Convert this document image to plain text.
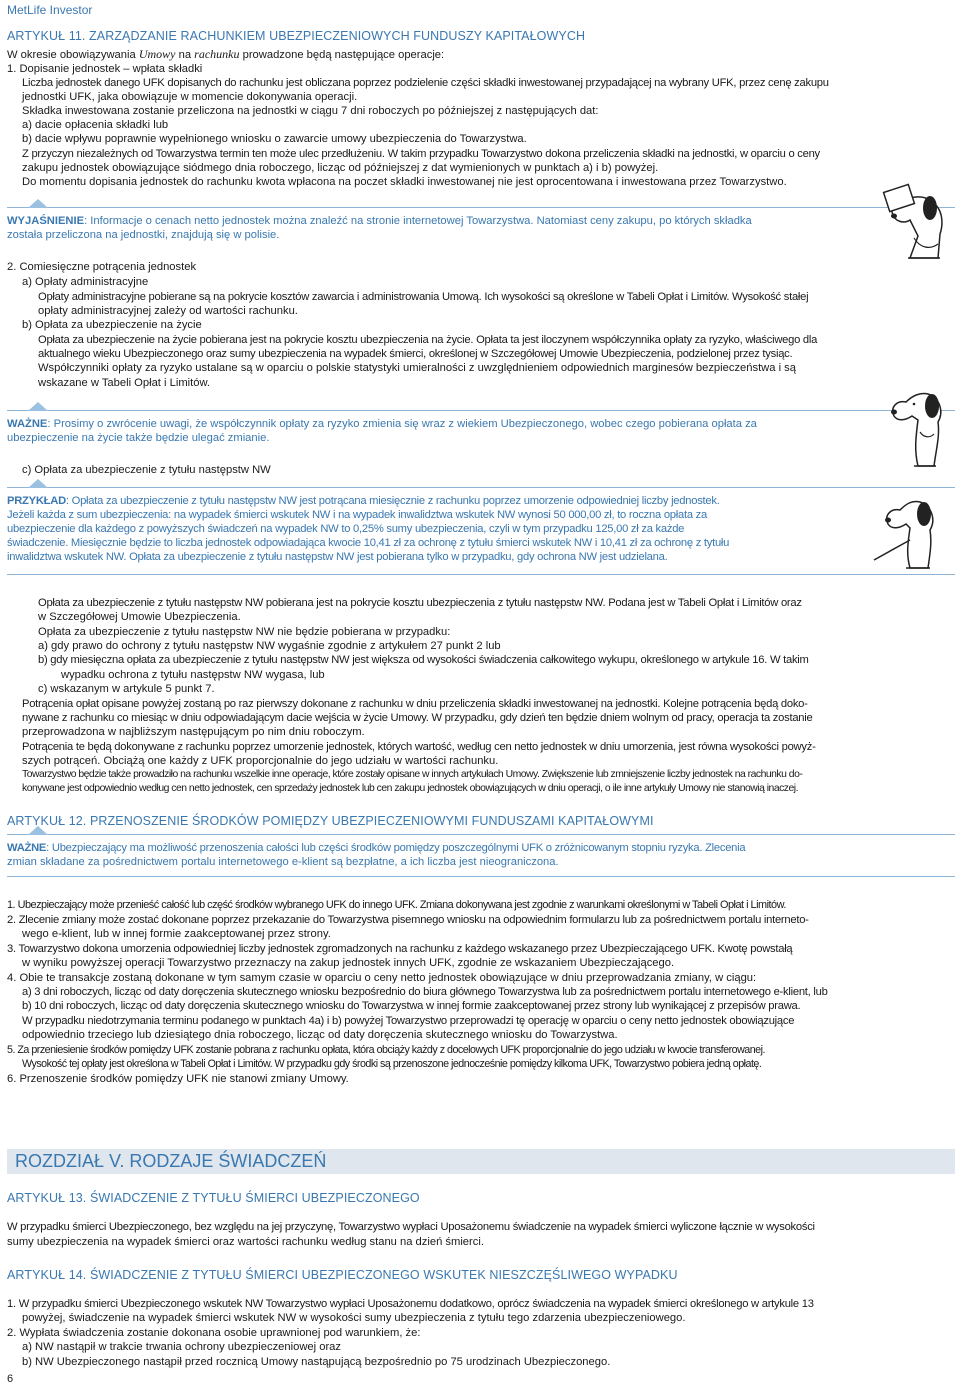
MetLife Investor
ARTYKUŁ 11. ZARZĄDZANIE RACHUNKIEM UBEZPIECZENIOWYCH FUNDUSZY KAPITAŁOWYCH
W okresie obowiązywania Umowy na rachunku prowadzone będą następujące operacje:
1. Dopisanie jednostek – wpłata składki
Liczba jednostek danego UFK dopisanych do rachunku jest obliczana poprzez podzielenie części składki inwestowanej przypadającej na wybrany UFK, przez cenę zakupu
jednostki UFK, jaka obowiązuje w momencie dokonywania operacji.
Składka inwestowana zostanie przeliczona na jednostki w ciągu 7 dni roboczych po późniejszej z następujących dat:
a) dacie opłacenia składki lub
b) dacie wpływu poprawnie wypełnionego wniosku o zawarcie umowy ubezpieczenia do Towarzystwa.
Z przyczyn niezależnych od Towarzystwa termin ten może ulec przedłużeniu. W takim przypadku Towarzystwo dokona przeliczenia składki na jednostki, w oparciu o ceny
zakupu jednostek obowiązujące siódmego dnia roboczego, licząc od późniejszej z dat wymienionych w punktach a) i b) powyżej.
Do momentu dopisania jednostek do rachunku kwota wpłacona na poczet składki inwestowanej nie jest oprocentowana i inwestowana przez Towarzystwo.
WYJAŚNIENIE: Informacje o cenach netto jednostek można znaleźć na stronie internetowej Towarzystwa. Natomiast ceny zakupu, po których składka
została przeliczona na jednostki, znajdują się w polisie.
2. Comiesięczne potrącenia jednostek
a) Opłaty administracyjne
Opłaty administracyjne pobierane są na pokrycie kosztów zawarcia i administrowania Umową. Ich wysokości są określone w Tabeli Opłat i Limitów. Wysokość stałej
opłaty administracyjnej zależy od wartości rachunku.
b) Opłata za ubezpieczenie na życie
Opłata za ubezpieczenie na życie pobierana jest na pokrycie kosztu ubezpieczenia na życie. Opłata ta jest iloczynem współczynnika opłaty za ryzyko, właściwego dla
aktualnego wieku Ubezpieczonego oraz sumy ubezpieczenia na wypadek śmierci, określonej w Szczegółowej Umowie Ubezpieczenia, podzielonej przez tysiąc.
Współczynniki opłaty za ryzyko ustalane są w oparciu o polskie statystyki umieralności z uwzględnieniem odpowiednich marginesów bezpieczeństwa i są
wskazane w Tabeli Opłat i Limitów.
WAŻNE: Prosimy o zwrócenie uwagi, że współczynnik opłaty za ryzyko zmienia się wraz z wiekiem Ubezpieczonego, wobec czego pobierana opłata za
ubezpieczenie na życie także będzie ulegać zmianie.
c) Opłata za ubezpieczenie z tytułu następstw NW
PRZYKŁAD: Opłata za ubezpieczenie z tytułu następstw NW jest potrącana miesięcznie z rachunku poprzez umorzenie odpowiedniej liczby jednostek.
Jeżeli każda z sum ubezpieczenia: na wypadek śmierci wskutek NW i na wypadek inwalidztwa wskutek NW wynosi 50 000,00 zł, to roczna opłata za
ubezpieczenie dla każdego z powyższych świadczeń na wypadek NW to 0,25% sumy ubezpieczenia, czyli w tym przypadku 125,00 zł za każde
świadczenie. Miesięcznie będzie to liczba jednostek odpowiadająca kwocie 10,41 zł za ochronę z tytułu śmierci wskutek NW i 10,41 zł za ochronę z tytułu
inwalidztwa wskutek NW. Opłata za ubezpieczenie z tytułu następstw NW jest pobierana tylko w przypadku, gdy ochrona NW jest udzielana.
Opłata za ubezpieczenie z tytułu następstw NW pobierana jest na pokrycie kosztu ubezpieczenia z tytułu następstw NW. Podana jest w Tabeli Opłat i Limitów oraz
w Szczegółowej Umowie Ubezpieczenia.
Opłata za ubezpieczenie z tytułu następstw NW nie będzie pobierana w przypadku:
a) gdy prawo do ochrony z tytułu następstw NW wygaśnie zgodnie z artykułem 27 punkt 2 lub
b) gdy miesięczna opłata za ubezpieczenie z tytułu następstw NW jest większa od wysokości świadczenia całkowitego wykupu, określonego w artykule 16. W takim
wypadku ochrona z tytułu następstw NW wygasa, lub
c) wskazanym w artykule 5 punkt 7.
Potrącenia opłat opisane powyżej zostaną po raz pierwszy dokonane z rachunku w dniu przeliczenia składki inwestowanej na jednostki. Kolejne potrącenia będą doko-
nywane z rachunku co miesiąc w dniu odpowiadającym dacie wejścia w życie Umowy. W przypadku, gdy dzień ten będzie dniem wolnym od pracy, operacja ta zostanie
przeprowadzona w najbliższym następującym po nim dniu roboczym.
Potrącenia te będą dokonywane z rachunku poprzez umorzenie jednostek, których wartość, według cen netto jednostek w dniu umorzenia, jest równa wysokości powyż-
szych potrąceń. Obciążą one każdy z UFK proporcjonalnie do jego udziału w wartości rachunku.
Towarzystwo będzie także prowadziło na rachunku wszelkie inne operacje, które zostały opisane w innych artykułach Umowy. Zwiększenie lub zmniejszenie liczby jednostek na rachunku do-
konywane jest odpowiednio według cen netto jednostek, cen sprzedaży jednostek lub cen zakupu jednostek obowiązujących w dniu operacji, o ile inne artykuły Umowy nie stanowią inaczej.
ARTYKUŁ 12. PRZENOSZENIE ŚRODKÓW POMIĘDZY UBEZPIECZENIOWYMI FUNDUSZAMI KAPITAŁOWYMI
WAŻNE: Ubezpieczający ma możliwość przenoszenia całości lub części środków pomiędzy poszczególnymi UFK o zróżnicowanym stopniu ryzyka. Zlecenia
zmian składane za pośrednictwem portalu internetowego e-klient są bezpłatne, a ich liczba jest nieograniczona.
1. Ubezpieczający może przenieść całość lub część środków wybranego UFK do innego UFK. Zmiana dokonywana jest zgodnie z warunkami określonymi w Tabeli Opłat i Limitów.
2. Zlecenie zmiany może zostać dokonane poprzez przekazanie do Towarzystwa pisemnego wniosku na odpowiednim formularzu lub za pośrednictwem portalu interneto-
wego e-klient, lub w innej formie zaakceptowanej przez strony.
3. Towarzystwo dokona umorzenia odpowiedniej liczby jednostek zgromadzonych na rachunku z każdego wskazanego przez Ubezpieczającego UFK. Kwotę powstałą
w wyniku powyższej operacji Towarzystwo przeznaczy na zakup jednostek innych UFK, zgodnie ze wskazaniem Ubezpieczającego.
4. Obie te transakcje zostaną dokonane w tym samym czasie w oparciu o ceny netto jednostek obowiązujące w dniu przeprowadzania zmiany, w ciągu:
a) 3 dni roboczych, licząc od daty doręczenia skutecznego wniosku bezpośrednio do biura głównego Towarzystwa lub za pośrednictwem portalu internetowego e-klient, lub
b) 10 dni roboczych, licząc od daty doręczenia skutecznego wniosku do Towarzystwa w innej formie zaakceptowanej przez strony lub wynikającej z przepisów prawa.
W przypadku niedotrzymania terminu podanego w punktach 4a) i b) powyżej Towarzystwo przeprowadzi tę operację w oparciu o ceny netto jednostek obowiązujące
odpowiednio trzeciego lub dziesiątego dnia roboczego, licząc od daty doręczenia skutecznego wniosku do Towarzystwa.
5. Za przeniesienie środków pomiędzy UFK zostanie pobrana z rachunku opłata, która obciąży każdy z docelowych UFK proporcjonalnie do jego udziału w kwocie transferowanej.
Wysokość tej opłaty jest określona w Tabeli Opłat i Limitów. W przypadku gdy środki są przenoszone jednocześnie pomiędzy kilkoma UFK, Towarzystwo pobiera jedną opłatę.
6. Przenoszenie środków pomiędzy UFK nie stanowi zmiany Umowy.
ROZDZIAŁ V. RODZAJE ŚWIADCZEŃ
ARTYKUŁ 13. ŚWIADCZENIE Z TYTUŁU ŚMIERCI UBEZPIECZONEGO
W przypadku śmierci Ubezpieczonego, bez względu na jej przyczynę, Towarzystwo wypłaci Uposażonemu świadczenie na wypadek śmierci wyliczone łącznie w wysokości
sumy ubezpieczenia na wypadek śmierci oraz wartości rachunku według stanu na dzień śmierci.
ARTYKUŁ 14. ŚWIADCZENIE Z TYTUŁU ŚMIERCI UBEZPIECZONEGO WSKUTEK NIESZCZĘŚLIWEGO WYPADKU
1. W przypadku śmierci Ubezpieczonego wskutek NW Towarzystwo wypłaci Uposażonemu dodatkowo, oprócz świadczenia na wypadek śmierci określonego w artykule 13
powyżej, świadczenie na wypadek śmierci wskutek NW w wysokości sumy ubezpieczenia z tytułu tego zdarzenia ubezpieczeniowego.
2. Wypłata świadczenia zostanie dokonana osobie uprawnionej pod warunkiem, że:
a) NW nastąpił w trakcie trwania ochrony ubezpieczeniowej oraz
b) NW Ubezpieczonego nastąpił przed rocznicą Umowy nastąpującą bezpośrednio po 75 urodzinach Ubezpieczonego.
6
